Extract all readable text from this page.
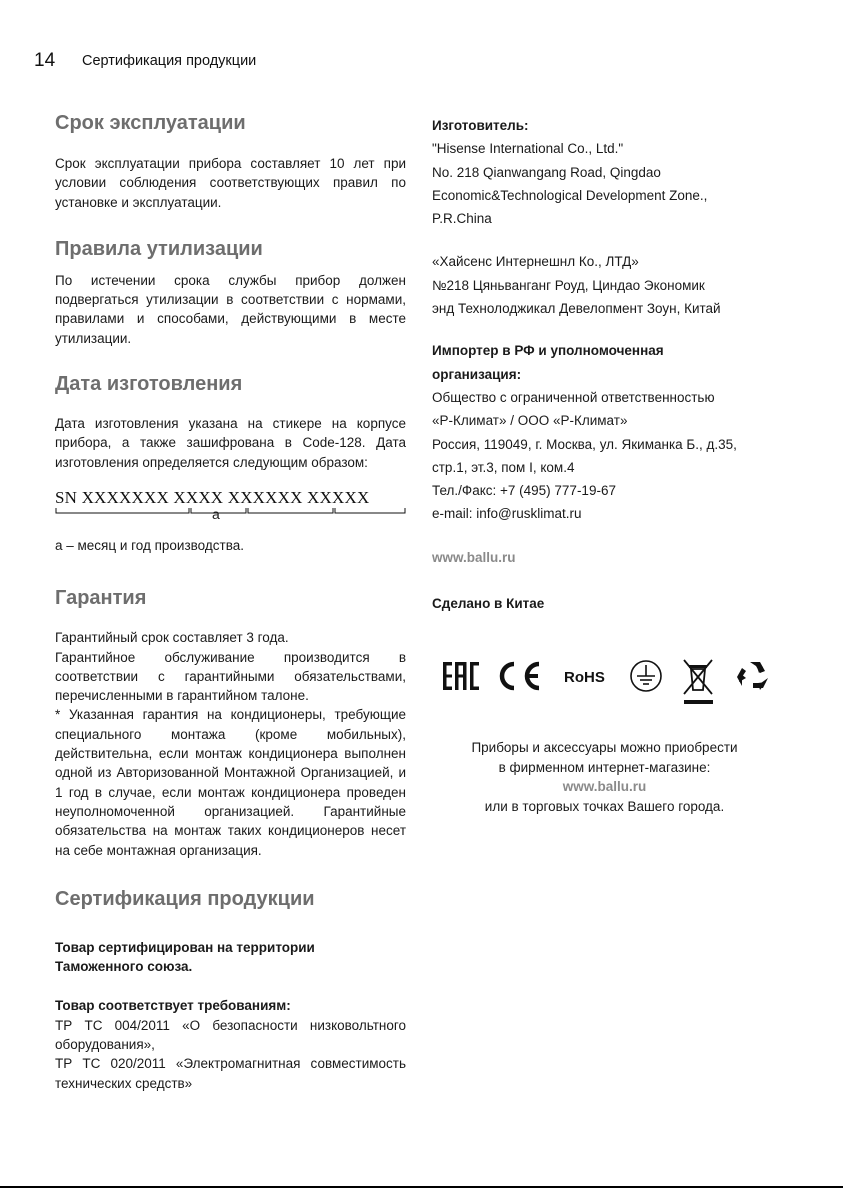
14 Сертификация продукции
Срок эксплуатации

Срок эксплуатации прибора составляет 10 лет при условии соблюдения соответствующих правил по установке и эксплуатации.

Правила утилизации

По истечении срока службы прибор должен подвергаться утилизации в соответствии с нормами, правилами и способами, действующими в месте утилизации.

Дата изготовления

Дата изготовления указана на стикере на корпусе прибора, а также зашифрована в Code-128. Дата изготовления определяется следующим образом:

SN XXXXXXX XXXX XXXXXX XXXXX
a

a – месяц и год производства.

Гарантия

Гарантийный срок составляет 3 года.

Гарантийное обслуживание производится в соответствии с гарантийными обязательствами, перечисленными в гарантийном талоне.

* Указанная гарантия на кондиционеры, требующие специального монтажа (кроме мобильных), действительна, если монтаж кондиционера выполнен одной из Авторизованной Монтажной Организацией, и 1 год в случае, если монтаж кондиционера проведен неуполномоченной организацией. Гарантийные обязательства на монтаж таких кондиционеров несет на себе монтажная организация.

Сертификация продукции

Товар сертифицирован на территории

Таможенного союза.

Товар соответствует требованиям:

ТР ТС 004/2011 «О безопасности низковольтного оборудования»,

ТР ТС 020/2011 «Электромагнитная совместимость технических средств»

Изготовитель:

"Hisense International Co., Ltd."

No. 218 Qianwangang Road, Qingdao

Economic&Technological Development Zone.,

P.R.China

«Хайсенс Интернешнл Ко., ЛТД»

№218 Цяньванганг Роуд, Циндао Экономик

энд Технолоджикал Девелопмент Зоун, Китай

Импортер в РФ и уполномоченная

организация:

Общество с ограниченной ответственностью

«Р-Климат» / ООО «Р-Климат»

Россия, 119049, г. Москва, ул. Якиманка Б., д.35,

стр.1, эт.3, пом I, ком.4

Тел./Факс: +7 (495) 777-19-67

e-mail: info@rusklimat.ru

www.ballu.ru

Сделано в Китае

RoHS

Приборы и аксессуары можно приобрести

в фирменном интернет-магазине:

www.ballu.ru

или в торговых точках Вашего города.
